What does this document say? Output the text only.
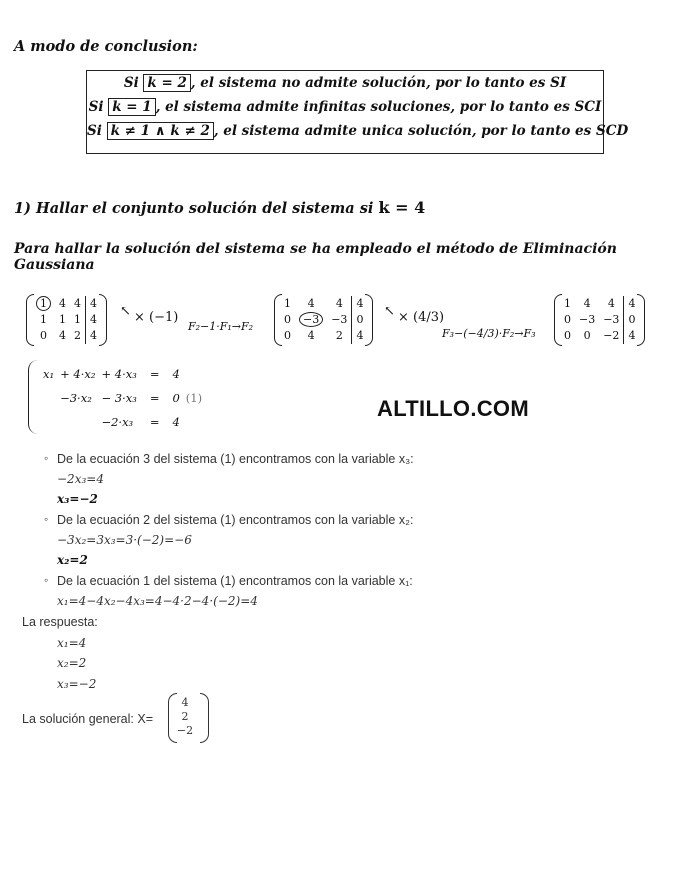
A modo de conclusion:
Si k = 2 , el sistema no admite solución, por lo tanto es SI
Si k = 1 , el sistema admite infinitas soluciones, por lo tanto es SCI
Si k ≠ 1 ∧ k ≠ 2 , el sistema admite unica solución, por lo tanto es SCD
1) Hallar el conjunto solución del sistema si k = 4
Para hallar la solución del sistema se ha empleado el método de Eliminación Gaussiana
1	4	4	4
1	1	1	4
0	4	2	4
↖ × (−1)
F₂−1·F₁→F₂
1	4	4	4
0	−3	−3	0
0	4	2	4
↖ × (4/3)
F₃−(−4/3)·F₂→F₃
1	4	4	4
0	−3	−3	0
0	0	−2	4
x₁	+ 4·x₂	+ 4·x₃	=	4	
	−3·x₂	− 3·x₃	=	0	(1)
		−2·x₃	=	4	
ALTILLO.COM
◦ De la ecuación 3 del sistema (1) encontramos con la variable x₃:
−2x₃=4
x₃=−2
◦ De la ecuación 2 del sistema (1) encontramos con la variable x₂:
−3x₂=3x₃=3·(−2)=−6
x₂=2
◦ De la ecuación 1 del sistema (1) encontramos con la variable x₁:
x₁=4−4x₂−4x₃=4−4·2−4·(−2)=4
La respuesta:
x₁=4
x₂=2
x₃=−2
La solución general: X=
4
2
−2
